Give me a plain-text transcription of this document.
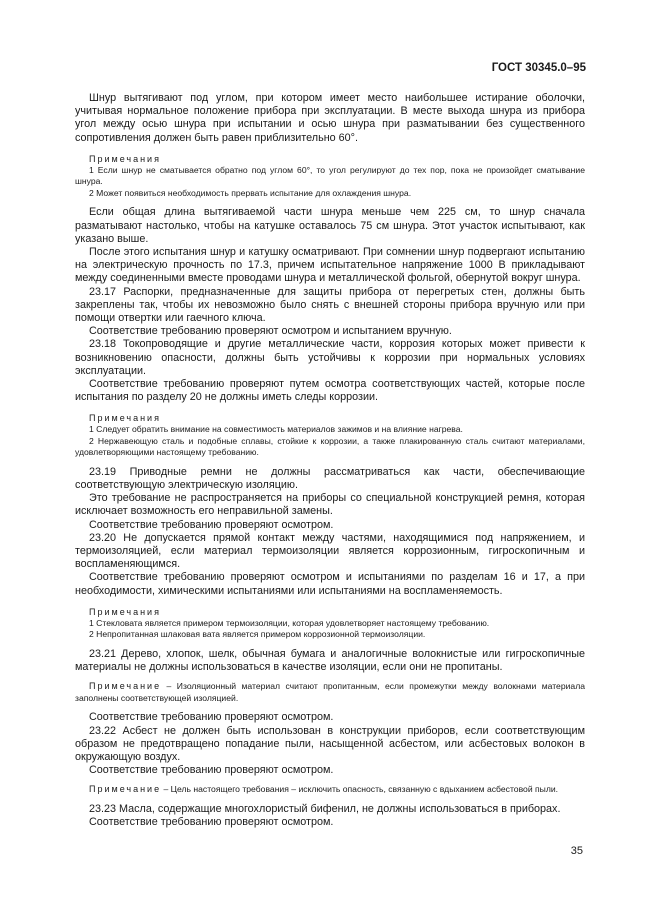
ГОСТ 30345.0–95

Шнур вытягивают под углом, при котором имеет место наибольшее истирание оболочки, учитывая нормальное положение прибора при эксплуатации. В месте выхода шнура из прибора угол между осью шнура при испытании и осью шнура при разматывании без существенного сопротивления должен быть равен приблизительно 60°.

Примечания

1 Если шнур не сматывается обратно под углом 60°, то угол регулируют до тех пор, пока не произойдет сматывание шнура.

2 Может появиться необходимость прервать испытание для охлаждения шнура.

Если общая длина вытягиваемой части шнура меньше чем 225 см, то шнур сначала разматывают настолько, чтобы на катушке оставалось 75 см шнура. Этот участок испытывают, как указано выше.

После этого испытания шнур и катушку осматривают. При сомнении шнур подвергают испытанию на электрическую прочность по 17.3, причем испытательное напряжение 1000 В прикладывают между соединенными вместе проводами шнура и металлической фольгой, обернутой вокруг шнура.

23.17 Распорки, предназначенные для защиты прибора от перегретых стен, должны быть закреплены так, чтобы их невозможно было снять с внешней стороны прибора вручную или при помощи отвертки или гаечного ключа.

Соответствие требованию проверяют осмотром и испытанием вручную.

23.18 Токопроводящие и другие металлические части, коррозия которых может привести к возникновению опасности, должны быть устойчивы к коррозии при нормальных условиях эксплуатации.

Соответствие требованию проверяют путем осмотра соответствующих частей, которые после испытания по разделу 20 не должны иметь следы коррозии.

Примечания

1 Следует обратить внимание на совместимость материалов зажимов и на влияние нагрева.

2 Нержавеющую сталь и подобные сплавы, стойкие к коррозии, а также плакированную сталь считают материалами, удовлетворяющими настоящему требованию.

23.19 Приводные ремни не должны рассматриваться как части, обеспечивающие соответствующую электрическую изоляцию.

Это требование не распространяется на приборы со специальной конструкцией ремня, которая исключает возможность его неправильной замены.

Соответствие требованию проверяют осмотром.

23.20 Не допускается прямой контакт между частями, находящимися под напряжением, и термоизоляцией, если материал термоизоляции является коррозионным, гигроскопичным и воспламеняющимся.

Соответствие требованию проверяют осмотром и испытаниями по разделам 16 и 17, а при необходимости, химическими испытаниями или испытаниями на воспламеняемость.

Примечания

1 Стекловата является примером термоизоляции, которая удовлетворяет настоящему требованию.

2 Непропитанная шлаковая вата является примером коррозионной термоизоляции.

23.21 Дерево, хлопок, шелк, обычная бумага и аналогичные волокнистые или гигроскопичные материалы не должны использоваться в качестве изоляции, если они не пропитаны.

Примечание – Изоляционный материал считают пропитанным, если промежутки между волокнами материала заполнены соответствующей изоляцией.

Соответствие требованию проверяют осмотром.

23.22 Асбест не должен быть использован в конструкции приборов, если соответствующим образом не предотвращено попадание пыли, насыщенной асбестом, или асбестовых волокон в окружающую воздух.

Соответствие требованию проверяют осмотром.

Примечание – Цель настоящего требования – исключить опасность, связанную с вдыханием асбестовой пыли.

23.23 Масла, содержащие многохлористый бифенил, не должны использоваться в приборах.

Соответствие требованию проверяют осмотром.

35
